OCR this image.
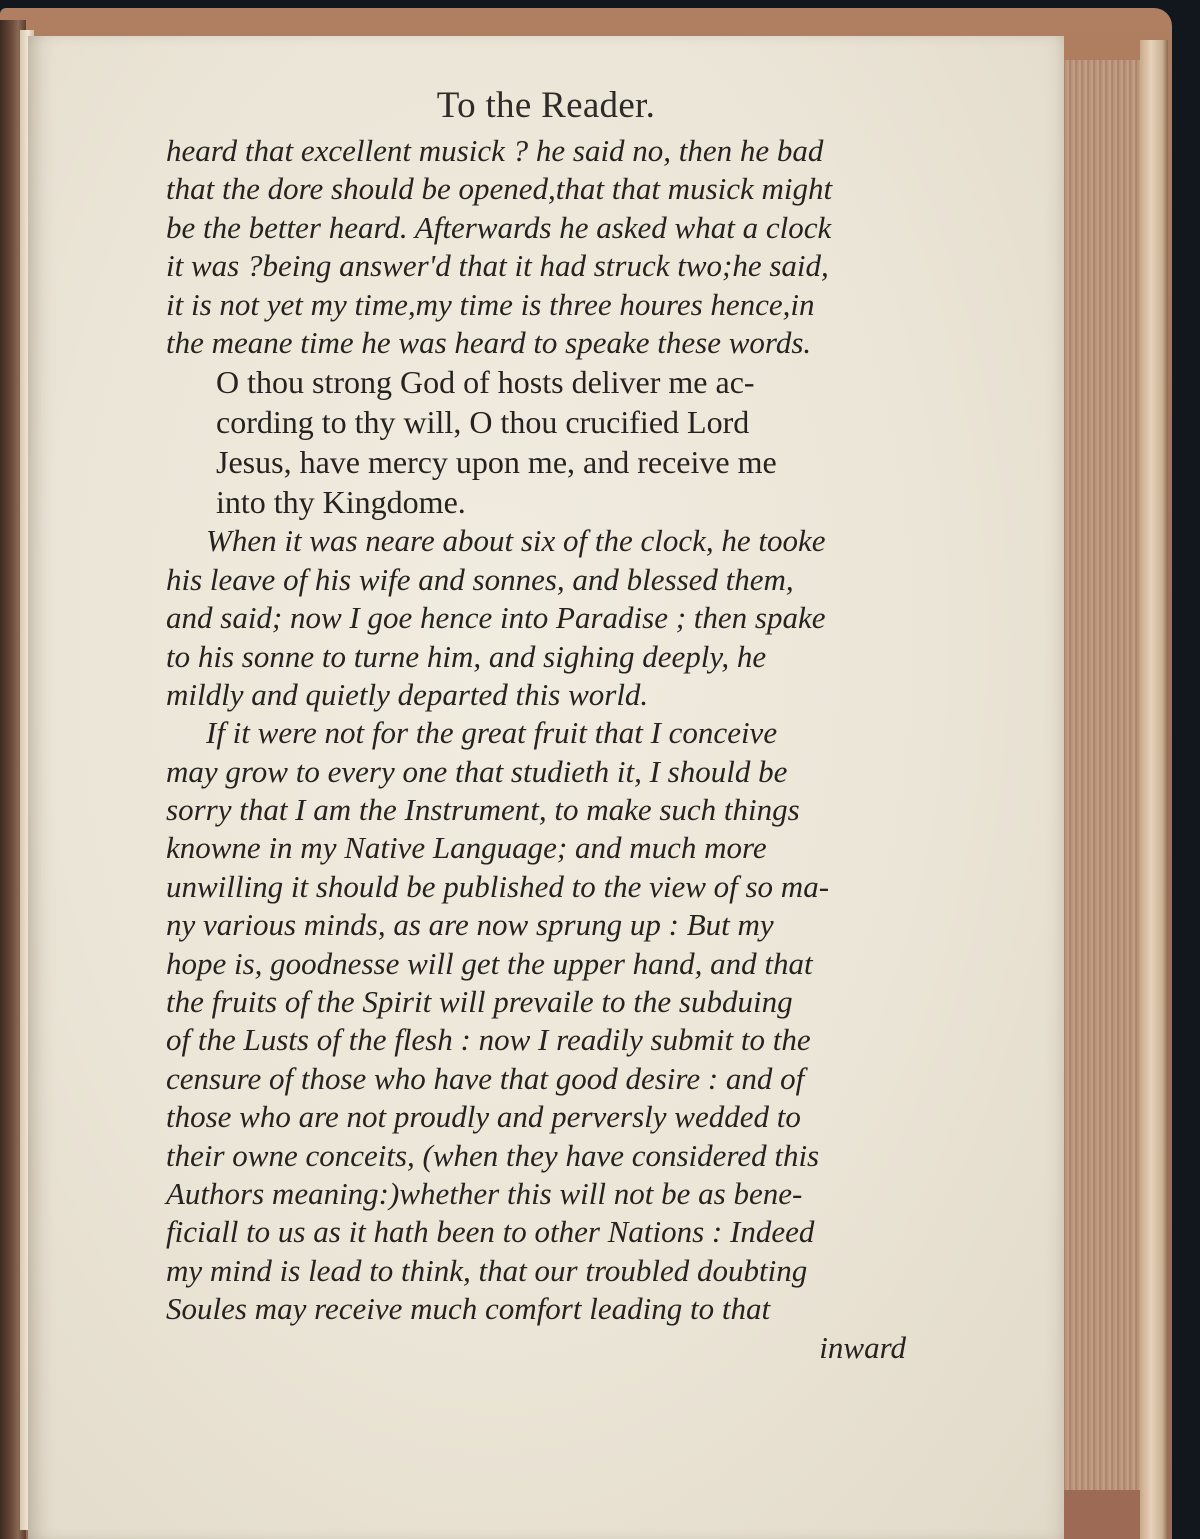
To the Reader.
heard that excellent musick ? he said no, then he bad
that the dore should be opened,that that musick might
be the better heard. Afterwards he asked what a clock
it was ?being answer'd that it had struck two;he said,
it is not yet my time,my time is three houres hence,in
the meane time he was heard to speake these words.
O thou strong God of hosts deliver me ac-
cording to thy will, O thou crucified Lord
Jesus, have mercy upon me, and receive me
into thy Kingdome.
When it was neare about six of the clock, he tooke
his leave of his wife and sonnes, and blessed them,
and said; now I goe hence into Paradise ; then spake
to his sonne to turne him, and sighing deeply, he
mildly and quietly departed this world.
If it were not for the great fruit that I conceive
may grow to every one that studieth it, I should be
sorry that I am the Instrument, to make such things
knowne in my Native Language; and much more
unwilling it should be published to the view of so ma-
ny various minds, as are now sprung up : But my
hope is, goodnesse will get the upper hand, and that
the fruits of the Spirit will prevaile to the subduing
of the Lusts of the flesh : now I readily submit to the
censure of those who have that good desire : and of
those who are not proudly and perversly wedded to
their owne conceits, (when they have considered this
Authors meaning:)whether this will not be as bene-
ficiall to us as it hath been to other Nations : Indeed
my mind is lead to think, that our troubled doubting
Soules may receive much comfort leading to that
inward
